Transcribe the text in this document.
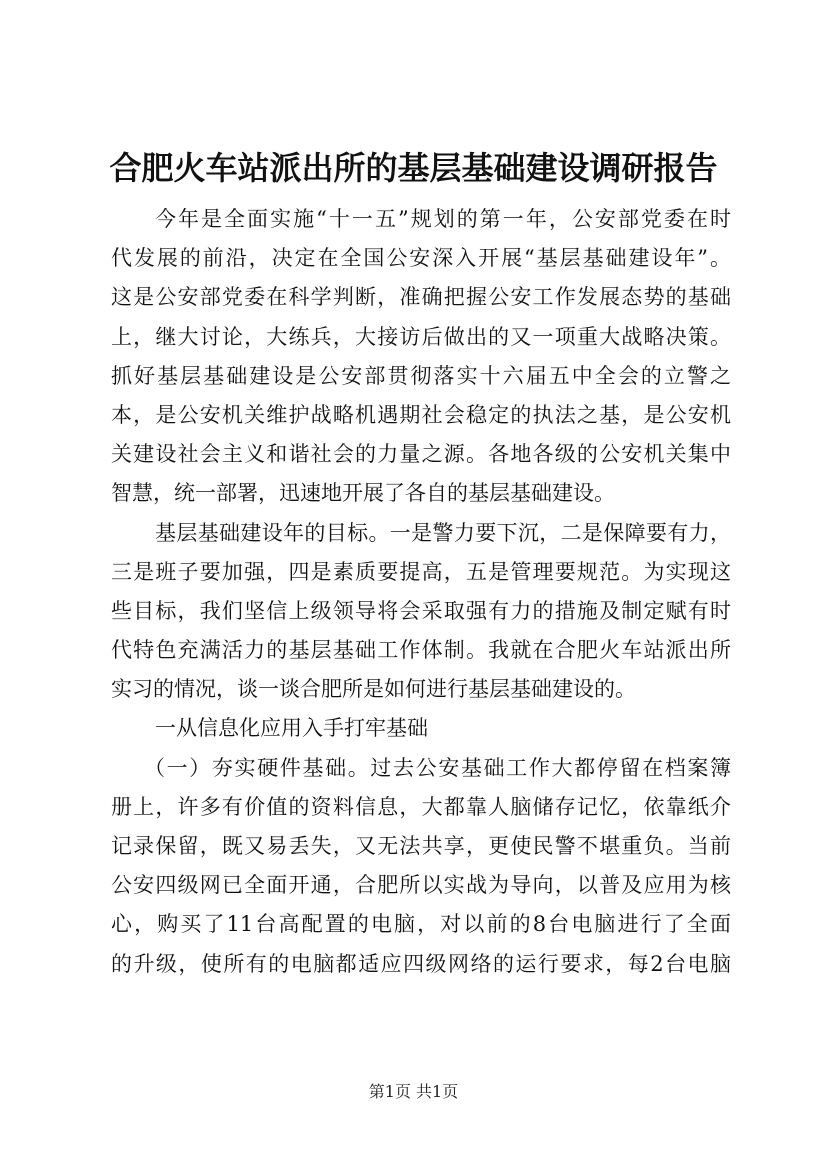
合肥火车站派出所的基层基础建设调研报告
今年是全面实施“十一五”规划的第一年，公安部党委在时
代发展的前沿，决定在全国公安深入开展“基层基础建设年”。
这是公安部党委在科学判断，准确把握公安工作发展态势的基础
上，继大讨论，大练兵，大接访后做出的又一项重大战略决策。
抓好基层基础建设是公安部贯彻落实十六届五中全会的立警之
本，是公安机关维护战略机遇期社会稳定的执法之基，是公安机
关建设社会主义和谐社会的力量之源。各地各级的公安机关集中
智慧，统一部署，迅速地开展了各自的基层基础建设。
基层基础建设年的目标。一是警力要下沉，二是保障要有力，
三是班子要加强，四是素质要提高，五是管理要规范。为实现这
些目标，我们坚信上级领导将会采取强有力的措施及制定赋有时
代特色充满活力的基层基础工作体制。我就在合肥火车站派出所
实习的情况，谈一谈合肥所是如何进行基层基础建设的。
一从信息化应用入手打牢基础
（一）夯实硬件基础。过去公安基础工作大都停留在档案簿
册上，许多有价值的资料信息，大都靠人脑储存记忆，依靠纸介
记录保留，既又易丢失，又无法共享，更使民警不堪重负。当前
公安四级网已全面开通，合肥所以实战为导向，以普及应用为核
心，购买了11台高配置的电脑，对以前的8台电脑进行了全面
的升级，使所有的电脑都适应四级网络的运行要求，每2台电脑
第1页 共1页
